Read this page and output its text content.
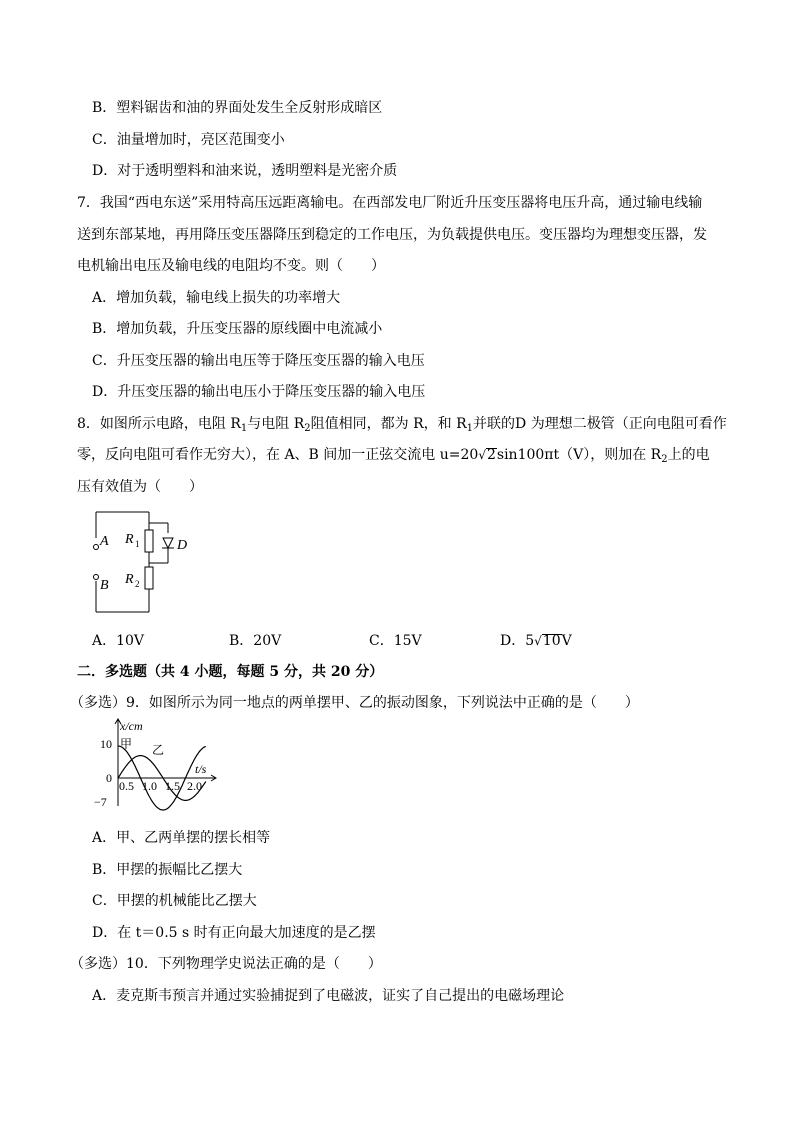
B．塑料锯齿和油的界面处发生全反射形成暗区
C．油量增加时，亮区范围变小
D．对于透明塑料和油来说，透明塑料是光密介质
7．我国“西电东送”采用特高压远距离输电。在西部发电厂附近升压变压器将电压升高，通过输电线输
送到东部某地，再用降压变压器降压到稳定的工作电压，为负载提供电压。变压器均为理想变压器，发
电机输出电压及输电线的电阻均不变。则（　　）
A．增加负载，输电线上损失的功率增大
B．增加负载，升压变压器的原线圈中电流减小
C．升压变压器的输出电压等于降压变压器的输入电压
D．升压变压器的输出电压小于降压变压器的输入电压
8．如图所示电路，电阻 $R_1$与电阻 $R_2$阻值相同，都为 R，和 $R_1$并联的D 为理想二极管（正向电阻可看作
零，反向电阻可看作无穷大），在 A、B 间加一正弦交流电 u=20√2sin100πt（V），则加在 $R_2$上的电
压有效值为（　　）
A
B
R 1
R 2
D
A．10V	B．20V	C．15V	D．5√10V
二．多选题（共 4 小题，每题 5 分，共 20 分）
（多选）9．如图所示为同一地点的两单摆甲、乙的振动图象，下列说法中正确的是（　　）
x/cm
t/s
10
0
−7
0.5 1.0 1.5 2.0
甲 乙
A．甲、乙两单摆的摆长相等
B．甲摆的振幅比乙摆大
C．甲摆的机械能比乙摆大
D．在 t＝0.5 s 时有正向最大加速度的是乙摆
（多选）10．下列物理学史说法正确的是（　　）
A．麦克斯韦预言并通过实验捕捉到了电磁波，证实了自己提出的电磁场理论
